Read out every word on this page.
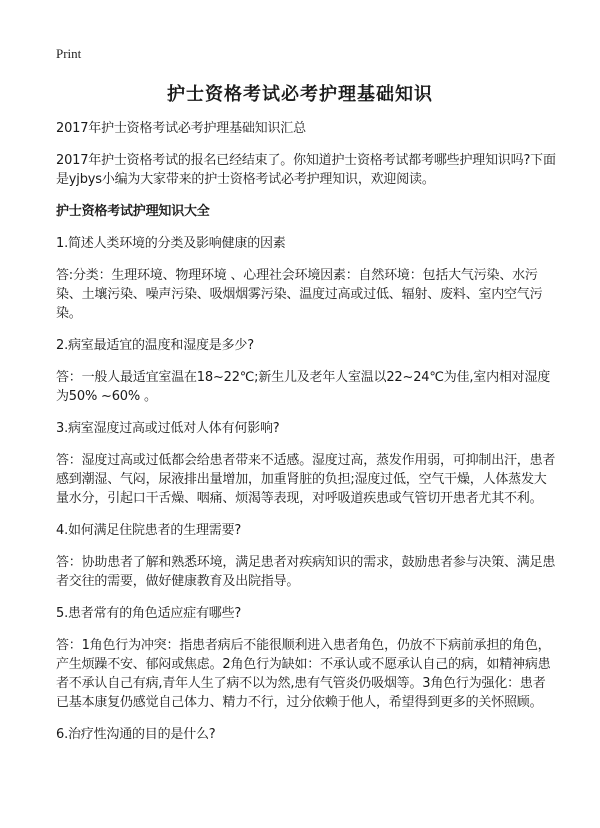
Print
护士资格考试必考护理基础知识

2017年护士资格考试必考护理基础知识汇总

2017年护士资格考试的报名已经结束了。你知道护士资格考试都考哪些护理知识吗?下面是yjbys小编为大家带来的护士资格考试必考护理知识，欢迎阅读。

护士资格考试护理知识大全

1.简述人类环境的分类及影响健康的因素

答:分类：生理环境、物理环境 、心理社会环境因素：自然环境：包括大气污染、水污染、土壤污染、噪声污染、吸烟烟雾污染、温度过高或过低、辐射、废料、室内空气污染。

2.病室最适宜的温度和湿度是多少?

答：一般人最适宜室温在18~22℃;新生儿及老年人室温以22~24℃为佳,室内相对湿度为50% ~60% 。

3.病室湿度过高或过低对人体有何影响?

答：湿度过高或过低都会给患者带来不适感。湿度过高，蒸发作用弱，可抑制出汗，患者感到潮湿、气闷，尿液排出量增加，加重肾脏的负担;湿度过低，空气干燥，人体蒸发大量水分，引起口干舌燥、咽痛、烦渴等表现，对呼吸道疾患或气管切开患者尤其不利。

4.如何满足住院患者的生理需要?

答：协助患者了解和熟悉环境，满足患者对疾病知识的需求，鼓励患者参与决策、满足患者交往的需要，做好健康教育及出院指导。

5.患者常有的角色适应症有哪些?

答：1角色行为冲突：指患者病后不能很顺利进入患者角色，仍放不下病前承担的角色，产生烦躁不安、郁闷或焦虑。2角色行为缺如：不承认或不愿承认自己的病，如精神病患者不承认自己有病,青年人生了病不以为然,患有气管炎仍吸烟等。3角色行为强化：患者已基本康复仍感觉自己体力、精力不行，过分依赖于他人，希望得到更多的关怀照顾。

6.治疗性沟通的目的是什么?
